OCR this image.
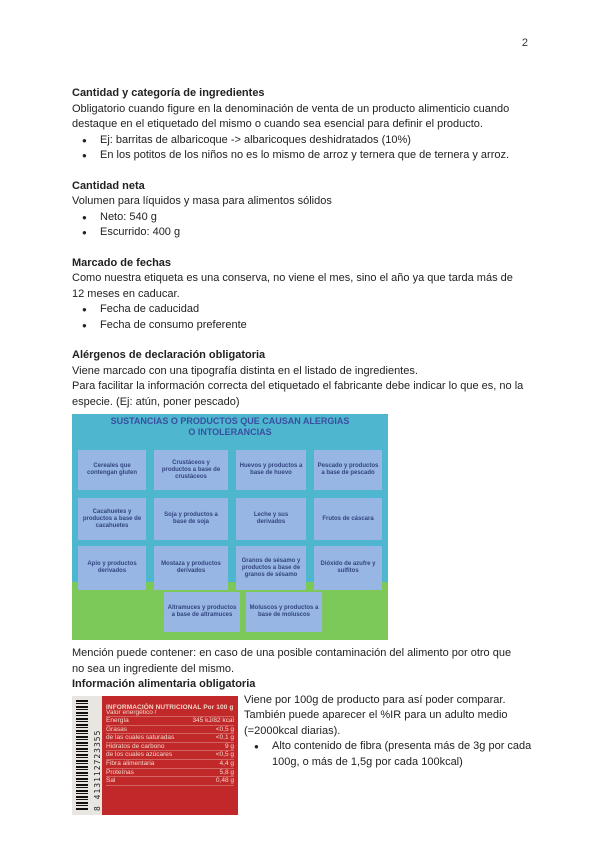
2
Cantidad y categoría de ingredientes

Obligatorio cuando figure en la denominación de venta de un producto alimenticio cuando

destaque en el etiquetado del mismo o cuando sea esencial para definir el producto.

● Ej: barritas de albaricoque -> albaricoques deshidratados (10%)
● En los potitos de los niños no es lo mismo de arroz y ternera que de ternera y arroz.
Cantidad neta

Volumen para líquidos y masa para alimentos sólidos

● Neto: 540 g
● Escurrido: 400 g
Marcado de fechas

Como nuestra etiqueta es una conserva, no viene el mes, sino el año ya que tarda más de

12 meses en caducar.

● Fecha de caducidad
● Fecha de consumo preferente
Alérgenos de declaración obligatoria

Viene marcado con una tipografía distinta en el listado de ingredientes.

Para facilitar la información correcta del etiquetado el fabricante debe indicar lo que es, no la

especie. (Ej: atún, poner pescado)

SUSTANCIAS O PRODUCTOS QUE CAUSAN ALERGIAS
O INTOLERANCIAS
Cereales que contengan gluten
Crustáceos y productos a base de crustáceos
Huevos y productos a base de huevo
Pescado y productos a base de pescado
Cacahuetes y productos a base de cacahuetes
Soja y productos a base de soja
Leche y sus derivados
Frutos de cáscara
Apio y productos derivados
Mostaza y productos derivados
Granos de sésamo y productos a base de granos de sésamo
Dióxido de azufre y sulfitos
Altramuces y productos a base de altramuces
Moluscos y productos a base de moluscos

Mención puede contener: en caso de una posible contaminación del alimento por otro que

no sea un ingrediente del mismo.

Información alimentaria obligatoria
8 413112723355
INFORMACIÓN NUTRICIONAL Por 100 g
Valor energético /
Energía	345 kJ/82 kcal
Grasas	<0,5 g
de las cuales saturadas	<0,1 g
Hidratos de carbono	9 g
de los cuales azúcares	<0,5 g
Fibra alimentaria	4,4 g
Proteínas	5,8 g
Sal	0,48 g

Viene por 100g de producto para así poder comparar.

También puede aparecer el %IR para un adulto medio

(=2000kcal diarias).

● Alto contenido de fibra (presenta más de 3g por cada 100g, o más de 1,5g por cada 100kcal)
